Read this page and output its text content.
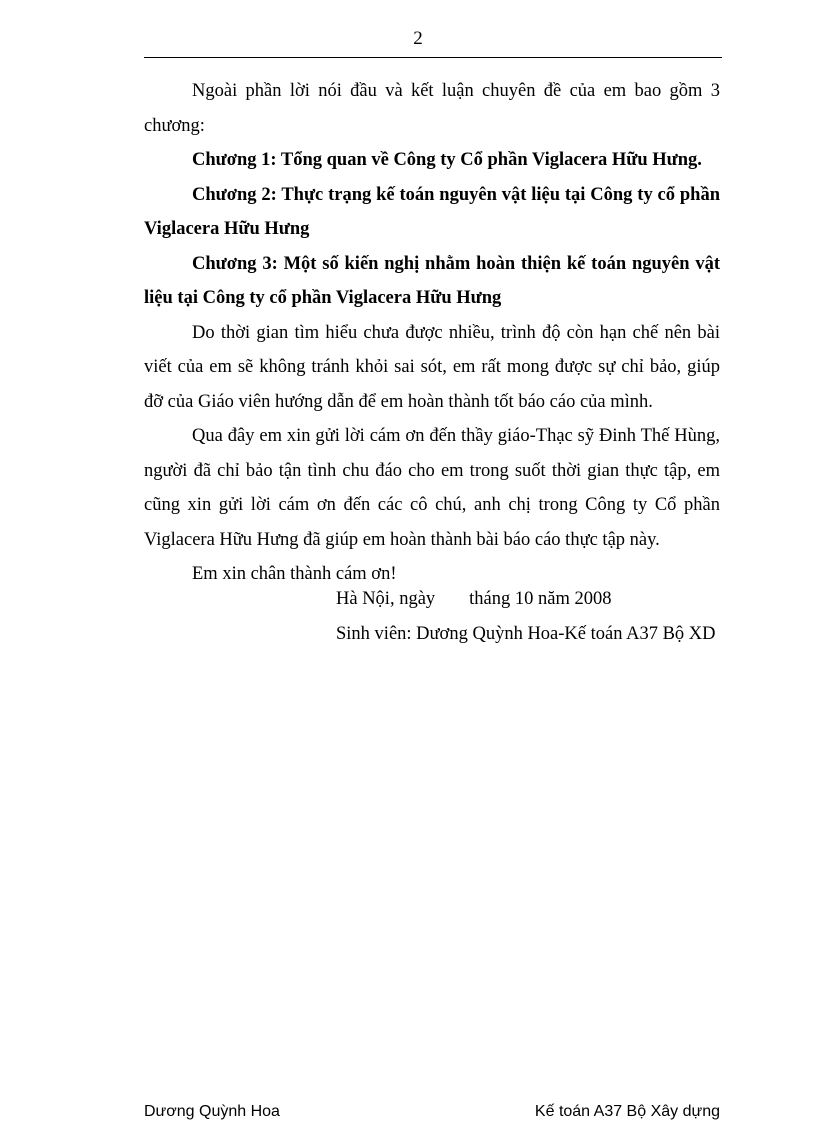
2

Ngoài phần lời nói đầu và kết luận chuyên đề của em bao gồm 3 chương:

Chương 1: Tổng quan về Công ty Cổ phần Viglacera Hữu Hưng.

Chương 2: Thực trạng kế toán nguyên vật liệu tại Công ty cổ phần Viglacera Hữu Hưng

Chương 3: Một số kiến nghị nhằm hoàn thiện kế toán nguyên vật liệu tại Công ty cổ phần Viglacera Hữu Hưng

Do thời gian tìm hiểu chưa được nhiều, trình độ còn hạn chế nên bài viết của em sẽ không tránh khỏi sai sót, em rất mong được sự chỉ bảo, giúp đỡ của Giáo viên hướng dẫn để em hoàn thành tốt báo cáo của mình.

Qua đây em xin gửi lời cám ơn đến thầy giáo-Thạc sỹ Đinh Thế Hùng, người đã chỉ bảo tận tình chu đáo cho em trong suốt thời gian thực tập, em cũng xin gửi lời cám ơn đến các cô chú, anh chị trong Công ty Cổ phần Viglacera Hữu Hưng đã giúp em hoàn thành bài báo cáo thực tập này.

Em xin chân thành cám ơn!

Hà Nội, ngày tháng 10 năm 2008
Sinh viên: Dương Quỳnh Hoa-Kế toán A37 Bộ XD
Dương Quỳnh Hoa	Kế toán A37 Bộ Xây dựng
